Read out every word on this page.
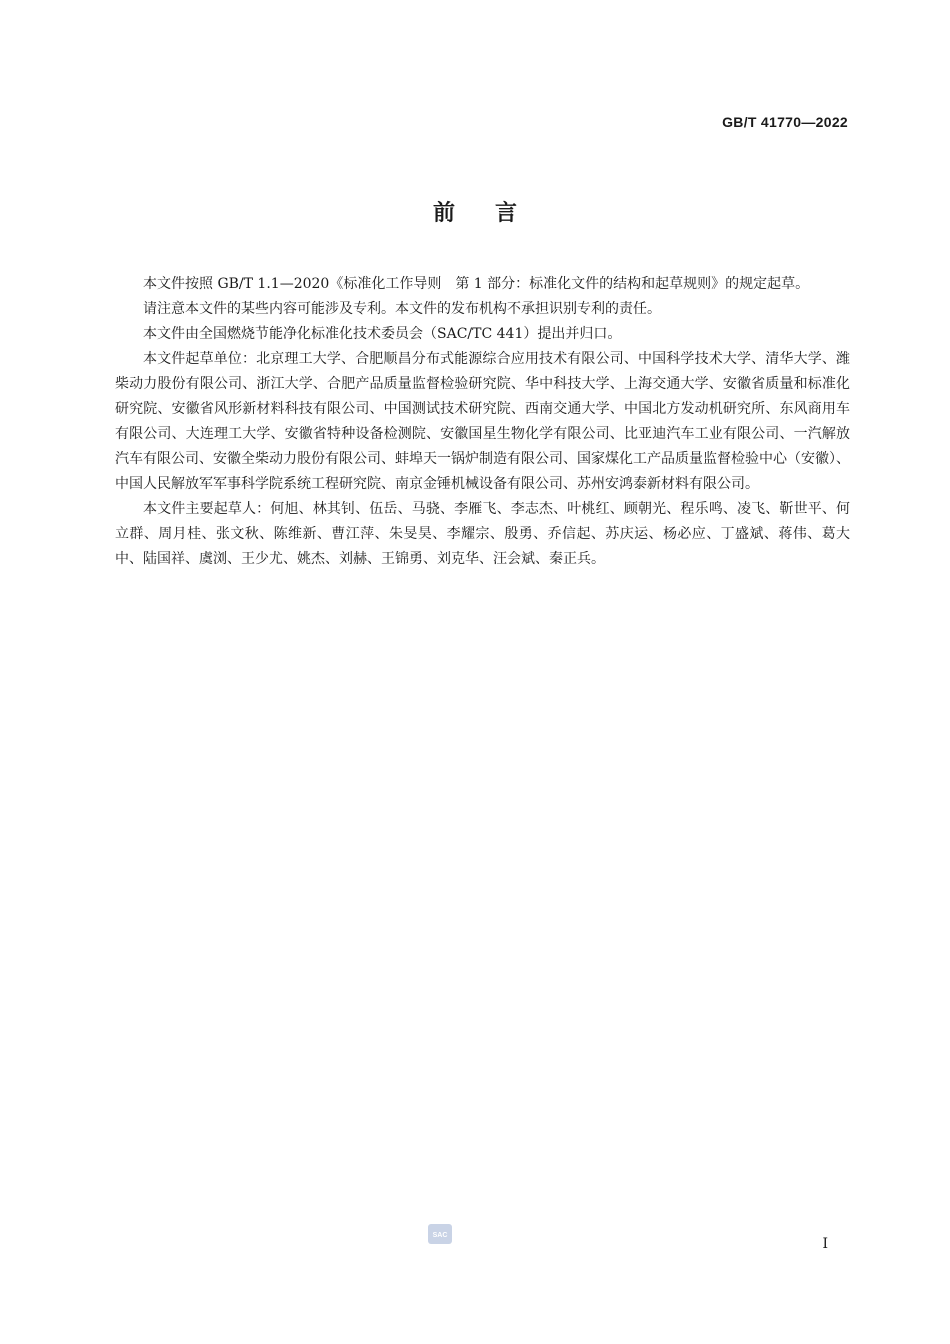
GB/T 41770—2022
前言

本文件按照 GB/T 1.1—2020《标准化工作导则　第 1 部分：标准化文件的结构和起草规则》的规定起草。

请注意本文件的某些内容可能涉及专利。本文件的发布机构不承担识别专利的责任。

本文件由全国燃烧节能净化标准化技术委员会（SAC/TC 441）提出并归口。

本文件起草单位：北京理工大学、合肥顺昌分布式能源综合应用技术有限公司、中国科学技术大学、清华大学、潍柴动力股份有限公司、浙江大学、合肥产品质量监督检验研究院、华中科技大学、上海交通大学、安徽省质量和标准化研究院、安徽省风形新材料科技有限公司、中国测试技术研究院、西南交通大学、中国北方发动机研究所、东风商用车有限公司、大连理工大学、安徽省特种设备检测院、安徽国星生物化学有限公司、比亚迪汽车工业有限公司、一汽解放汽车有限公司、安徽全柴动力股份有限公司、蚌埠天一锅炉制造有限公司、国家煤化工产品质量监督检验中心（安徽）、中国人民解放军军事科学院系统工程研究院、南京金锤机械设备有限公司、苏州安鸿泰新材料有限公司。

本文件主要起草人：何旭、林其钊、伍岳、马骁、李雁飞、李志杰、叶桃红、顾朝光、程乐鸣、凌飞、靳世平、何立群、周月桂、张文秋、陈维新、曹江萍、朱旻昊、李耀宗、殷勇、乔信起、苏庆运、杨必应、丁盛斌、蒋伟、葛大中、陆国祥、虞浏、王少尤、姚杰、刘赫、王锦勇、刘克华、汪会斌、秦正兵。

SAC
I
